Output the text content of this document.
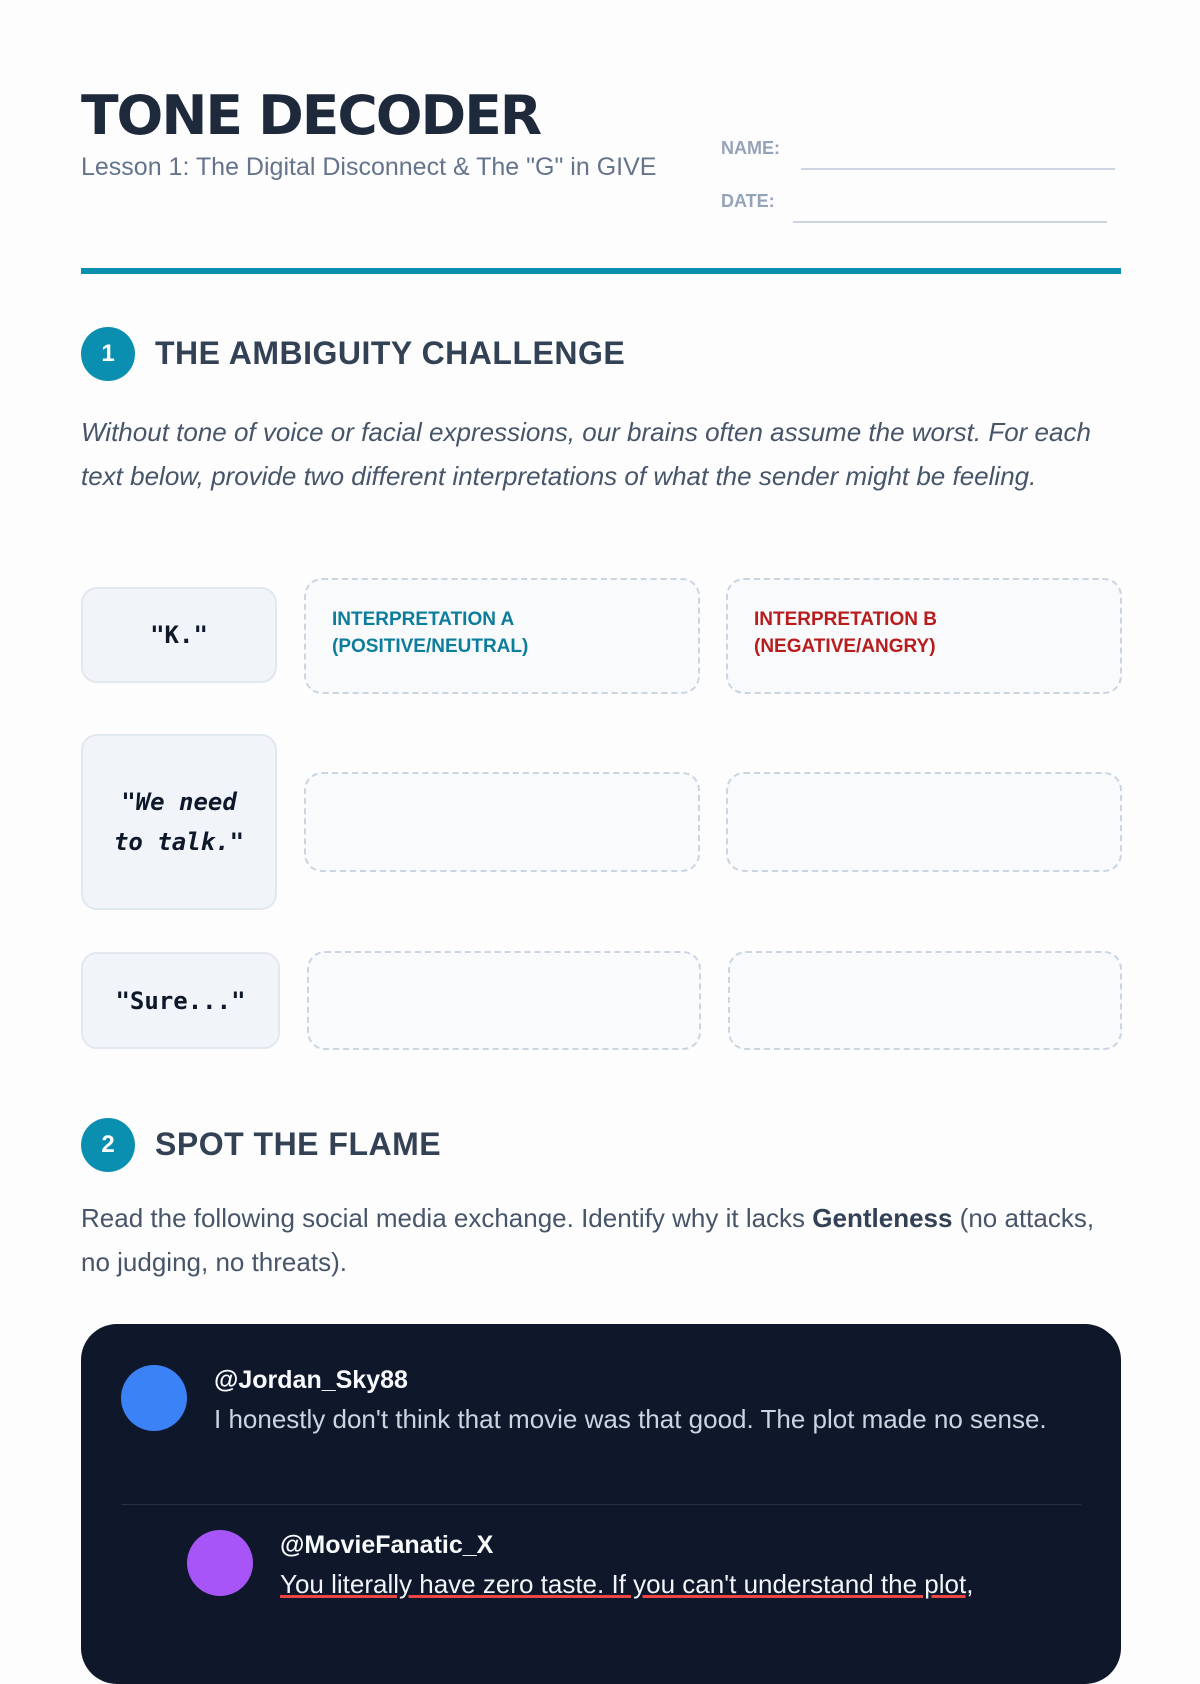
TONE DECODER
Lesson 1: The Digital Disconnect & The "G" in GIVE
NAME:
DATE:
1	THE AMBIGUITY CHALLENGE

Without tone of voice or facial expressions, our brains often assume the worst. For each text below, provide two different interpretations of what the sender might be feeling.

"K."
INTERPRETATION A (POSITIVE/NEUTRAL)
INTERPRETATION B (NEGATIVE/ANGRY)
"We need to talk."
"Sure..."
2	SPOT THE FLAME

Read the following social media exchange. Identify why it lacks Gentleness (no attacks, no judging, no threats).

@Jordan_Sky88
I honestly don't think that movie was that good. The plot made no sense.
@MovieFanatic_X
You literally have zero taste. If you can't understand the plot,
